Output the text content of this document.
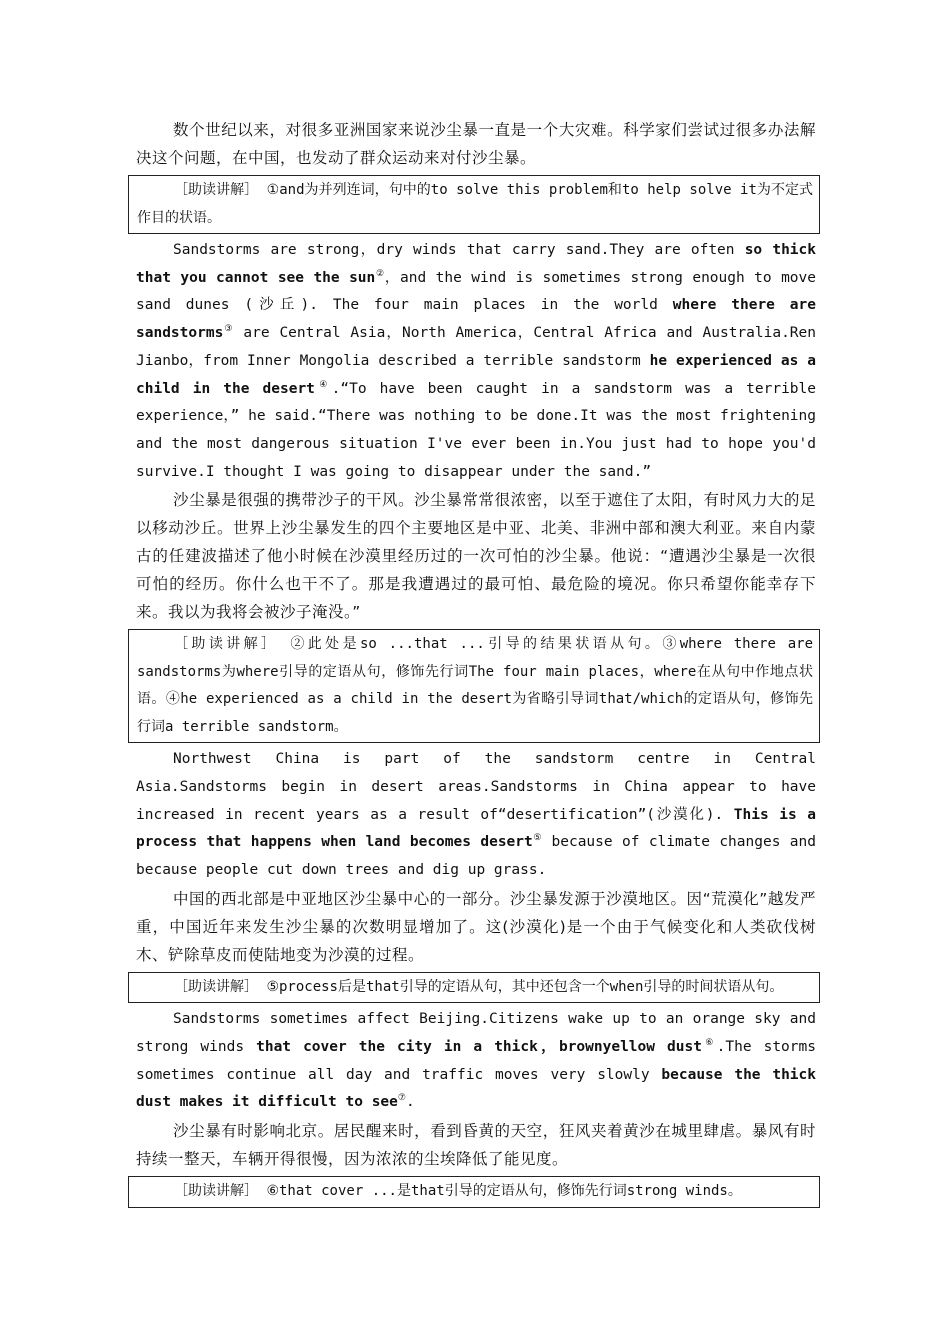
数个世纪以来，对很多亚洲国家来说沙尘暴一直是一个大灾难。科学家们尝试过很多办法解决这个问题，在中国，也发动了群众运动来对付沙尘暴。

［助读讲解］ ①and为并列连词，句中的to solve this problem和to help solve it为不定式作目的状语。

Sandstorms are strong，dry winds that carry sand.They are often so thick that you cannot see the sun②，and the wind is sometimes strong enough to move sand dunes (沙丘). The four main places in the world where there are sandstorms③ are Central Asia，North America，Central Africa and Australia.Ren Jianbo，from Inner Mongolia described a terrible sandstorm he experienced as a child in the desert④.“To have been caught in a sandstorm was a terrible experience，” he said.“There was nothing to be done.It was the most frightening and the most dangerous situation I've ever been in.You just had to hope you'd survive.I thought I was going to disappear under the sand.”

沙尘暴是很强的携带沙子的干风。沙尘暴常常很浓密，以至于遮住了太阳，有时风力大的足以移动沙丘。世界上沙尘暴发生的四个主要地区是中亚、北美、非洲中部和澳大利亚。来自内蒙古的任建波描述了他小时候在沙漠里经历过的一次可怕的沙尘暴。他说：“遭遇沙尘暴是一次很可怕的经历。你什么也干不了。那是我遭遇过的最可怕、最危险的境况。你只希望你能幸存下来。我以为我将会被沙子淹没。”

［助读讲解］ ②此处是so ...that ...引导的结果状语从句。③where there are sandstorms为where引导的定语从句，修饰先行词The four main places，where在从句中作地点状语。④he experienced as a child in the desert为省略引导词that/which的定语从句，修饰先行词a terrible sandstorm。

Northwest China is part of the sandstorm centre in Central Asia.Sandstorms begin in desert areas.Sandstorms in China appear to have increased in recent years as a result of“desertification”(沙漠化). This is a process that happens when land becomes desert⑤ because of climate changes and because people cut down trees and dig up grass.

中国的西北部是中亚地区沙尘暴中心的一部分。沙尘暴发源于沙漠地区。因“荒漠化”越发严重，中国近年来发生沙尘暴的次数明显增加了。这(沙漠化)是一个由于气候变化和人类砍伐树木、铲除草皮而使陆地变为沙漠的过程。

［助读讲解］ ⑤process后是that引导的定语从句，其中还包含一个when引导的时间状语从句。

Sandstorms sometimes affect Beijing.Citizens wake up to an orange sky and strong winds that cover the city in a thick，brownyellow dust⑥.The storms sometimes continue all day and traffic moves very slowly because the thick dust makes it difficult to see⑦.

沙尘暴有时影响北京。居民醒来时，看到昏黄的天空，狂风夹着黄沙在城里肆虐。暴风有时持续一整天，车辆开得很慢，因为浓浓的尘埃降低了能见度。

［助读讲解］ ⑥that cover ...是that引导的定语从句，修饰先行词strong winds。
